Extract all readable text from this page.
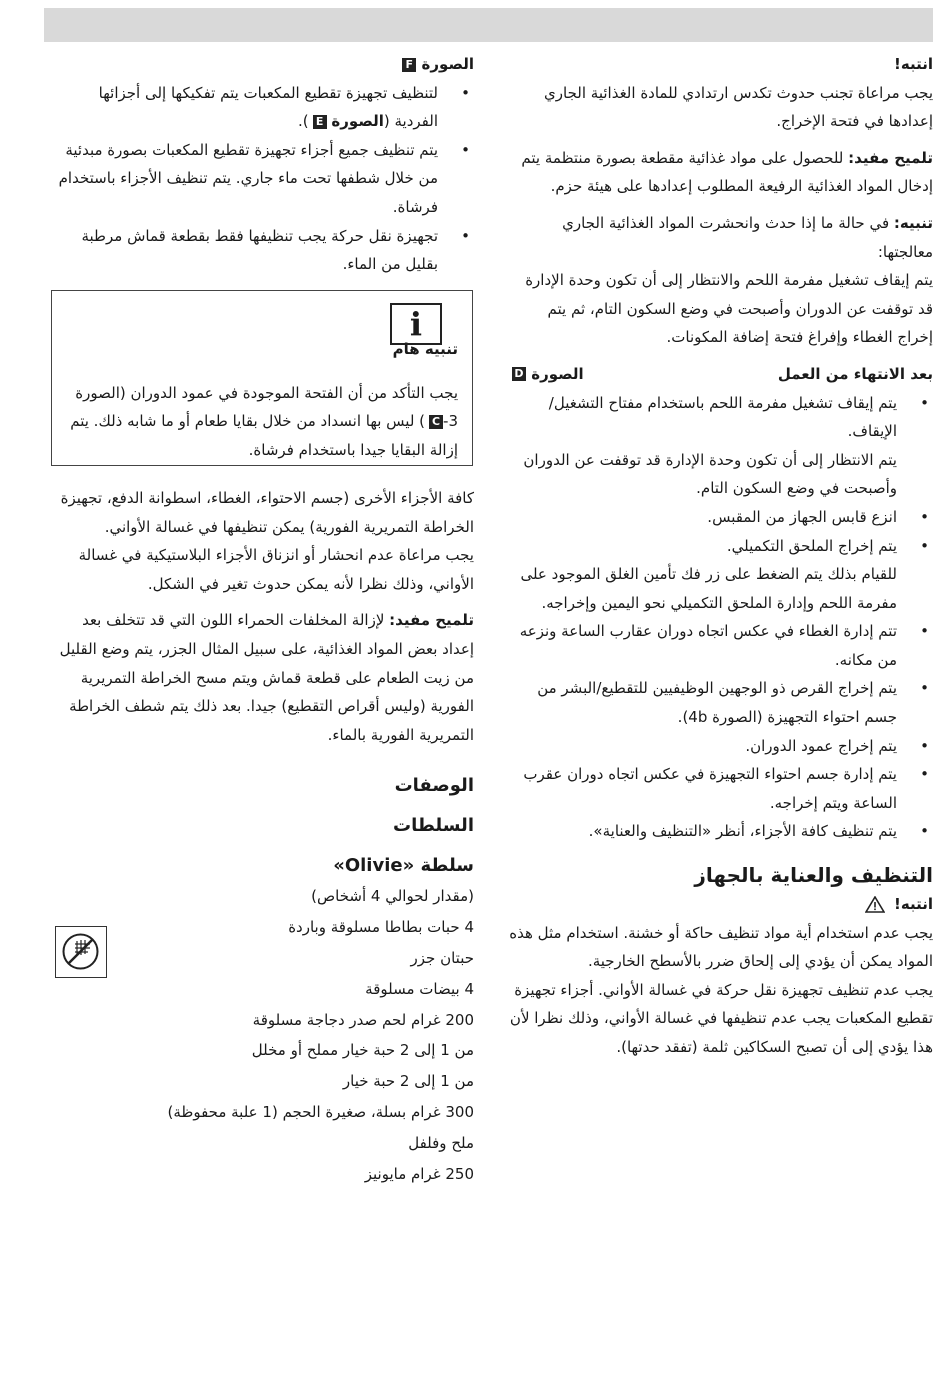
انتبه!

يجب مراعاة تجنب حدوث تكدس ارتدادي للمادة الغذائية الجاري إعدادها في فتحة الإخراج.

تلميح مفيد: للحصول على مواد غذائية مقطعة بصورة منتظمة يتم إدخال المواد الغذائية الرفيعة المطلوب إعدادها على هيئة حزم.

تنبيه: في حالة ما إذا حدث وانحشرت المواد الغذائية الجاري معالجتها:

يتم إيقاف تشغيل مفرمة اللحم والانتظار إلى أن تكون وحدة الإدارة قد توقفت عن الدوران وأصبحت في وضع السكون التام، ثم يتم إخراج الغطاء وإفراغ فتحة إضافة المكونات.

بعد الانتهاء من العمل
الصورة D
• يتم إيقاف تشغيل مفرمة اللحم باستخدام مفتاح التشغيل/الإيقاف.
يتم الانتظار إلى أن تكون وحدة الإدارة قد توقفت عن الدوران وأصبحت في وضع السكون التام.
• انزع قابس الجهاز من المقبس.
• يتم إخراج الملحق التكميلي.
للقيام بذلك يتم الضغط على زر فك تأمين الغلق الموجود على مفرمة اللحم وإدارة الملحق التكميلي نحو اليمين وإخراجه.
• تتم إدارة الغطاء في عكس اتجاه دوران عقارب الساعة ونزعه من مكانه.
• يتم إخراج القرص ذو الوجهين الوظيفيين للتقطيع/البشر من جسم احتواء التجهيزة (الصورة 4b).
• يتم إخراج عمود الدوران.
• يتم إدارة جسم احتواء التجهيزة في عكس اتجاه دوران عقرب الساعة ويتم إخراجه.
• يتم تنظيف كافة الأجزاء، أنظر «التنظيف والعناية».

التنظيف والعناية بالجهاز

انتبه!

يجب عدم استخدام أية مواد تنظيف حاكة أو خشنة. استخدام مثل هذه المواد يمكن أن يؤدي إلى إلحاق ضرر بالأسطح الخارجية.

يجب عدم تنظيف تجهيزة نقل حركة في غسالة الأواني. أجزاء تجهيزة تقطيع المكعبات يجب عدم تنظيفها في غسالة الأواني، وذلك نظرا لأن هذا يؤدي إلى أن تصبح السكاكين ثلمة (تفقد حدتها).

الصورة F

• لتنظيف تجهيزة تقطيع المكعبات يتم تفكيكها إلى أجزائها الفردية (الصورة E).
• يتم تنظيف جميع أجزاء تجهيزة تقطيع المكعبات بصورة مبدئية من خلال شطفها تحت ماء جاري. يتم تنظيف الأجزاء باستخدام فرشاة.
• تجهيزة نقل حركة يجب تنظيفها فقط بقطعة قماش مرطبة بقليل من الماء.
i

تنبيه هام

يجب التأكد من أن الفتحة الموجودة في عمود الدوران (الصورة 3-C) ليس بها انسداد من خلال بقايا طعام أو ما شابه ذلك. يتم إزالة البقايا جيدا باستخدام فرشاة.

كافة الأجزاء الأخرى (جسم الاحتواء، الغطاء، اسطوانة الدفع، تجهيزة الخراطة التمريرية الفورية) يمكن تنظيفها في غسالة الأواني.

يجب مراعاة عدم انحشار أو انزناق الأجزاء البلاستيكية في غسالة الأواني، وذلك نظرا لأنه يمكن حدوث تغير في الشكل.

تلميح مفيد: لإزالة المخلفات الحمراء اللون التي قد تتخلف بعد إعداد بعض المواد الغذائية، على سبيل المثال الجزر، يتم وضع القليل من زيت الطعام على قطعة قماش ويتم مسح الخراطة التمريرية الفورية (وليس أقراص التقطيع) جيدا. بعد ذلك يتم شطف الخراطة التمريرية الفورية بالماء.

الوصفات

السلطات

سلطة «Olivie»

(مقدار لحوالي 4 أشخاص)

4 حبات بطاطا مسلوقة وباردة

حبتان جزر

4 بيضات مسلوقة

200 غرام لحم صدر دجاجة مسلوقة

من 1 إلى 2 حبة خيار مملح أو مخلل

من 1 إلى 2 حبة خيار

300 غرام بسلة، صغيرة الحجم (1 علبة محفوظة)

ملح وفلفل

250 غرام مايونيز
